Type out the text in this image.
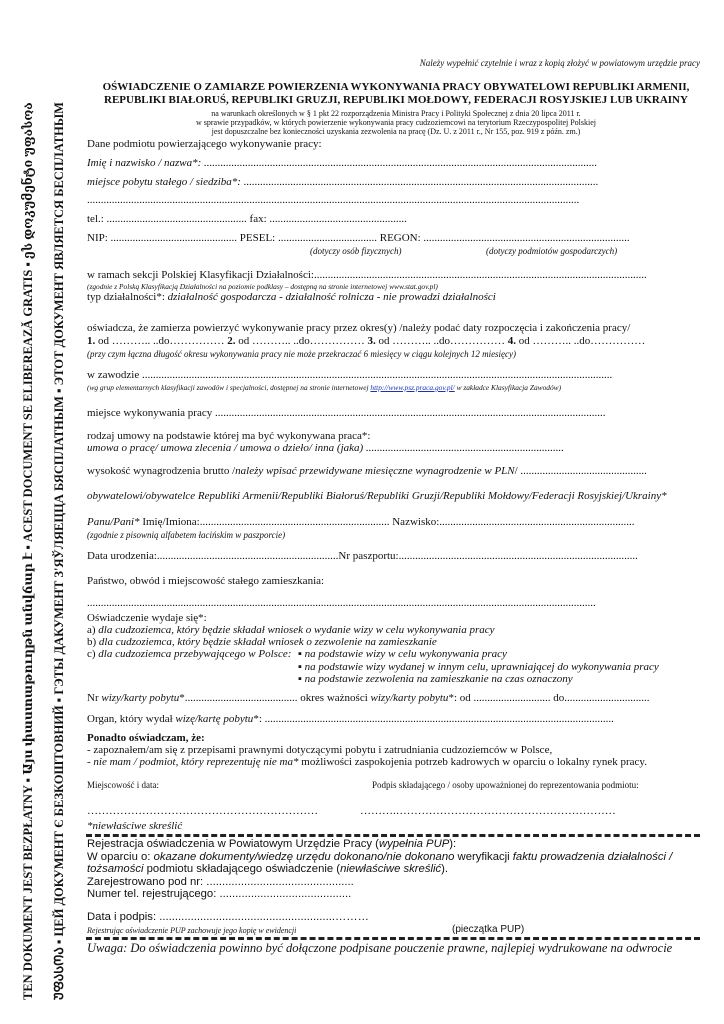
TEN DOKUMENT JEST BEZPŁATNY ▪ Այս փաստաթուղթն անվճար է ▪ ACEST DOCUMENT SE ELIBEREAZĂ GRATIS ▪ ეს დოკუმენტი უფასოა ᲣᲤᲐᲡᲝᲐ ▪ ЦЕЙ ДОКУМЕНТ Є БЕЗКОШТОВНИЙ ▪ ГЭТЫ ДАКУМЕНТ З'ЯЎЛЯЕЦЦА БЯСПЛАТНЫМ ▪ ЭТОТ ДОКУМЕНТ ЯВЛЯЕТСЯ БЕСПЛАТНЫМ
Należy wypełnić czytelnie i wraz z kopią złożyć w powiatowym urzędzie pracy
OŚWIADCZENIE O ZAMIARZE POWIERZENIA WYKONYWANIA PRACY OBYWATELOWI REPUBLIKI ARMENII,
REPUBLIKI BIAŁORUŚ, REPUBLIKI GRUZJI, REPUBLIKI MOŁDOWY, FEDERACJI ROSYJSKIEJ LUB UKRAINY
na warunkach określonych w § 1 pkt 22 rozporządzenia Ministra Pracy i Polityki Społecznej z dnia 20 lipca 2011 r.
w sprawie przypadków, w których powierzenie wykonywania pracy cudzoziemcowi na terytorium Rzeczypospolitej Polskiej
jest dopuszczalne bez konieczności uzyskania zezwolenia na pracę (Dz. U. z 2011 r., Nr 155, poz. 919 z późn. zm.)
Dane podmiotu powierzającego wykonywanie pracy:
Imię i nazwisko / nazwa*: ...............................................................................................................................................
miejsce pobytu stałego / siedziba*: .................................................................................................................................
...................................................................................................................................................................................
tel.: ................................................... fax: ..................................................
NIP: .............................................. PESEL: .................................... REGON: ...........................................................................
(dotyczy osób fizycznych)	(dotyczy podmiotów gospodarczych)
w ramach sekcji Polskiej Klasyfikacji Działalności:.........................................................................................................................
(zgodnie z Polską Klasyfikacją Działalności na poziomie podklasy – dostępną na stronie internetowej www.stat.gov.pl)
typ działalności*: działalność gospodarcza - działalność rolnicza - nie prowadzi działalności
oświadcza, że zamierza powierzyć wykonywanie pracy przez okres(y) /należy podać daty rozpoczęcia i zakończenia pracy/
1. od ……….. ..do…………… 2. od ……….. ..do…………… 3. od ……….. ..do…………… 4. od ……….. ..do……………
(przy czym łączna długość okresu wykonywania pracy nie może przekraczać 6 miesięcy w ciągu kolejnych 12 miesięcy)
w zawodzie ...........................................................................................................................................................................
(wg grup elementarnych klasyfikacji zawodów i specjalności, dostępnej na stronie internetowej http://www.psz.praca.gov.pl/ w zakładce Klasyfikacja Zawodów)
miejsce wykonywania pracy ..............................................................................................................................................
rodzaj umowy na podstawie której ma być wykonywana praca*:
umowa o pracę/ umowa zlecenia / umowa o dzieło/ inna (jaka) ........................................................................
wysokość wynagrodzenia brutto /należy wpisać przewidywane miesięczne wynagrodzenie w PLN/ ..............................................
obywatelowi/obywatelce Republiki Armenii/Republiki Białoruś/Republiki Gruzji/Republiki Mołdowy/Federacji Rosyjskiej/Ukrainy*
Panu/Pani* Imię/Imiona:..................................................................... Nazwisko:.......................................................................
(zgodnie z pisownią alfabetem łacińskim w paszporcie)
Data urodzenia:..................................................................Nr paszportu:.......................................................................................
Państwo, obwód i miejscowość stałego zamieszkania:
.........................................................................................................................................................................................
Oświadczenie wydaje się*:
a) dla cudzoziemca, który będzie składał wniosek o wydanie wizy w celu wykonywania pracy
b) dla cudzoziemca, który będzie składał wniosek o zezwolenie na zamieszkanie
c) dla cudzoziemca przebywającego w Polsce: ▪ na podstawie wizy w celu wykonywania pracy
▪ na podstawie wizy wydanej w innym celu, uprawniającej do wykonywania pracy
▪ na podstawie zezwolenia na zamieszkanie na czas oznaczony
Nr wizy/karty pobytu*......................................... okres ważności wizy/karty pobytu*: od ............................ do...............................
Organ, który wydał wizę/kartę pobytu*: ...............................................................................................................................
Ponadto oświadczam, że:
- zapoznałem/am się z przepisami prawnymi dotyczącymi pobytu i zatrudniania cudzoziemców w Polsce,
- nie mam / podmiot, który reprezentuję nie ma* możliwości zaspokojenia potrzeb kadrowych w oparciu o lokalny rynek pracy.
Miejscowość i data:	Podpis składającego / osoby upoważnionej do reprezentowania podmiotu:
………………………………………………………	……….……………………………………………………
*niewłaściwe skreślić
Rejestracja oświadczenia w Powiatowym Urzędzie Pracy (wypełnia PUP):
W oparciu o: okazane dokumenty/wiedzę urzędu dokonano/nie dokonano weryfikacji faktu prowadzenia działalności /
tożsamości podmiotu składającego oświadczenie (niewłaściwe skreślić).
Zarejestrowano pod nr: ...............................................
Numer tel. rejestrującego: ..........................................
Data i podpis: ........................................................………
Rejestrując oświadczenie PUP zachowuje jego kopię w ewidencji	(pieczątka PUP)
Uwaga: Do oświadczenia powinno być dołączone podpisane pouczenie prawne, najlepiej wydrukowane na odwrocie
